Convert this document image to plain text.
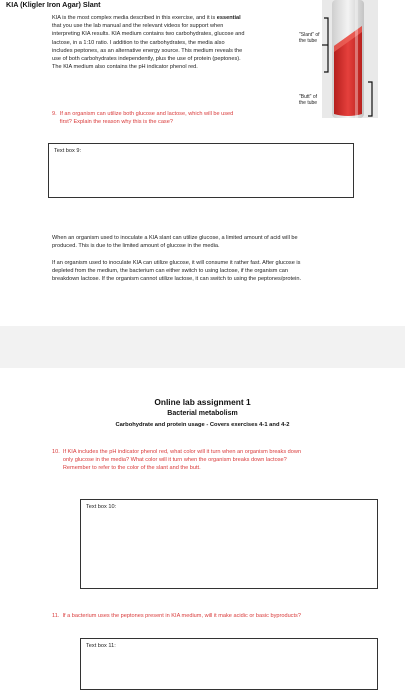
KIA (Kligler Iron Agar) Slant
KIA is the most complex media described in this exercise, and it is essential
that you use the lab manual and the relevant videos for support when
interpreting KIA results. KIA medium contains two carbohydrates, glucose and
lactose, in a 1:10 ratio. I addition to the carbohydrates, the media also
includes peptones, as an alternative energy source. This medium reveals the
use of both carbohydrates independently, plus the use of protein (peptones).
The KIA medium also contains the pH indicator phenol red.
"Slant" of
the tube
"Butt" of
the tube
9.  If an organism can utilize both glucose and lactose, which will be used
first? Explain the reason why this is the case?
Text box 9:
When an organism used to inoculate a KIA slant can utilize glucose, a limited amount of acid will be
produced. This is due to the limited amount of glucose in the media.
If an organism used to inoculate KIA can utilize glucose, it will consume it rather fast. After glucose is
depleted from the medium, the bacterium can either switch to using lactose, if the organism can
breakdown lactose. If the organism cannot utilize lactose, it can switch to using the peptones/protein.
Online lab assignment 1
Bacterial metabolism
Carbohydrate and protein usage - Covers exercises 4-1 and 4-2
10.  If KIA includes the pH indicator phenol red, what color will it turn when an organism breaks down
only glucose in the media? What color will it turn when the organism breaks down lactose?
Remember to refer to the color of the slant and the butt.
Text box 10:
11.  If a bacterium uses the peptones present in KIA medium, will it make acidic or basic byproducts?
Text box 11:
